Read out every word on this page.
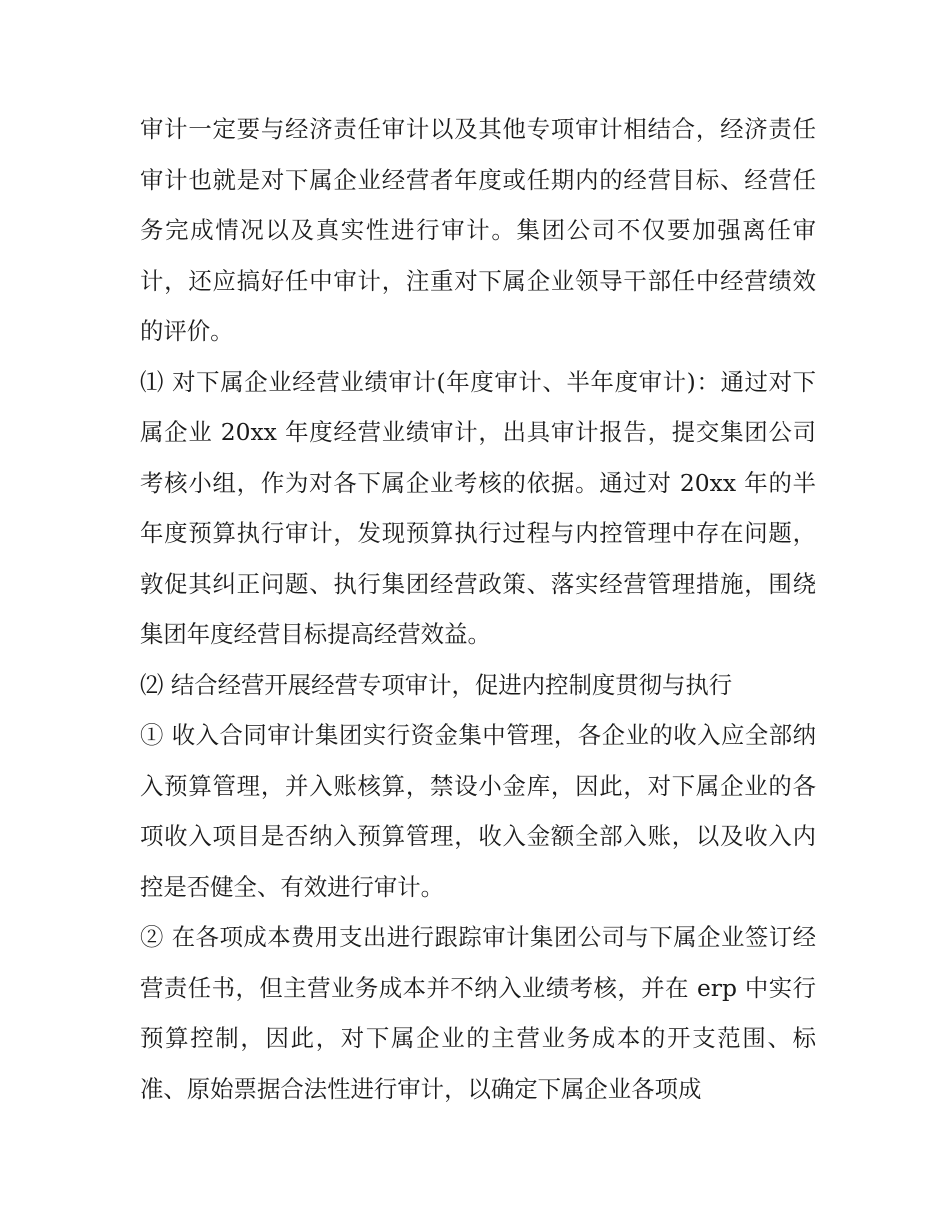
审计一定要与经济责任审计以及其他专项审计相结合，经济责任审计也就是对下属企业经营者年度或任期内的经营目标、经营任务完成情况以及真实性进行审计。集团公司不仅要加强离任审计，还应搞好任中审计，注重对下属企业领导干部任中经营绩效的评价。

⑴ 对下属企业经营业绩审计(年度审计、半年度审计)：通过对下属企业 20xx 年度经营业绩审计，出具审计报告，提交集团公司考核小组，作为对各下属企业考核的依据。通过对 20xx 年的半年度预算执行审计，发现预算执行过程与内控管理中存在问题，敦促其纠正问题、执行集团经营政策、落实经营管理措施，围绕集团年度经营目标提高经营效益。

⑵ 结合经营开展经营专项审计，促进内控制度贯彻与执行

① 收入合同审计集团实行资金集中管理，各企业的收入应全部纳入预算管理，并入账核算，禁设小金库，因此，对下属企业的各项收入项目是否纳入预算管理，收入金额全部入账，以及收入内控是否健全、有效进行审计。

② 在各项成本费用支出进行跟踪审计集团公司与下属企业签订经营责任书，但主营业务成本并不纳入业绩考核，并在 erp 中实行预算控制，因此，对下属企业的主营业务成本的开支范围、标准、原始票据合法性进行审计，以确定下属企业各项成
